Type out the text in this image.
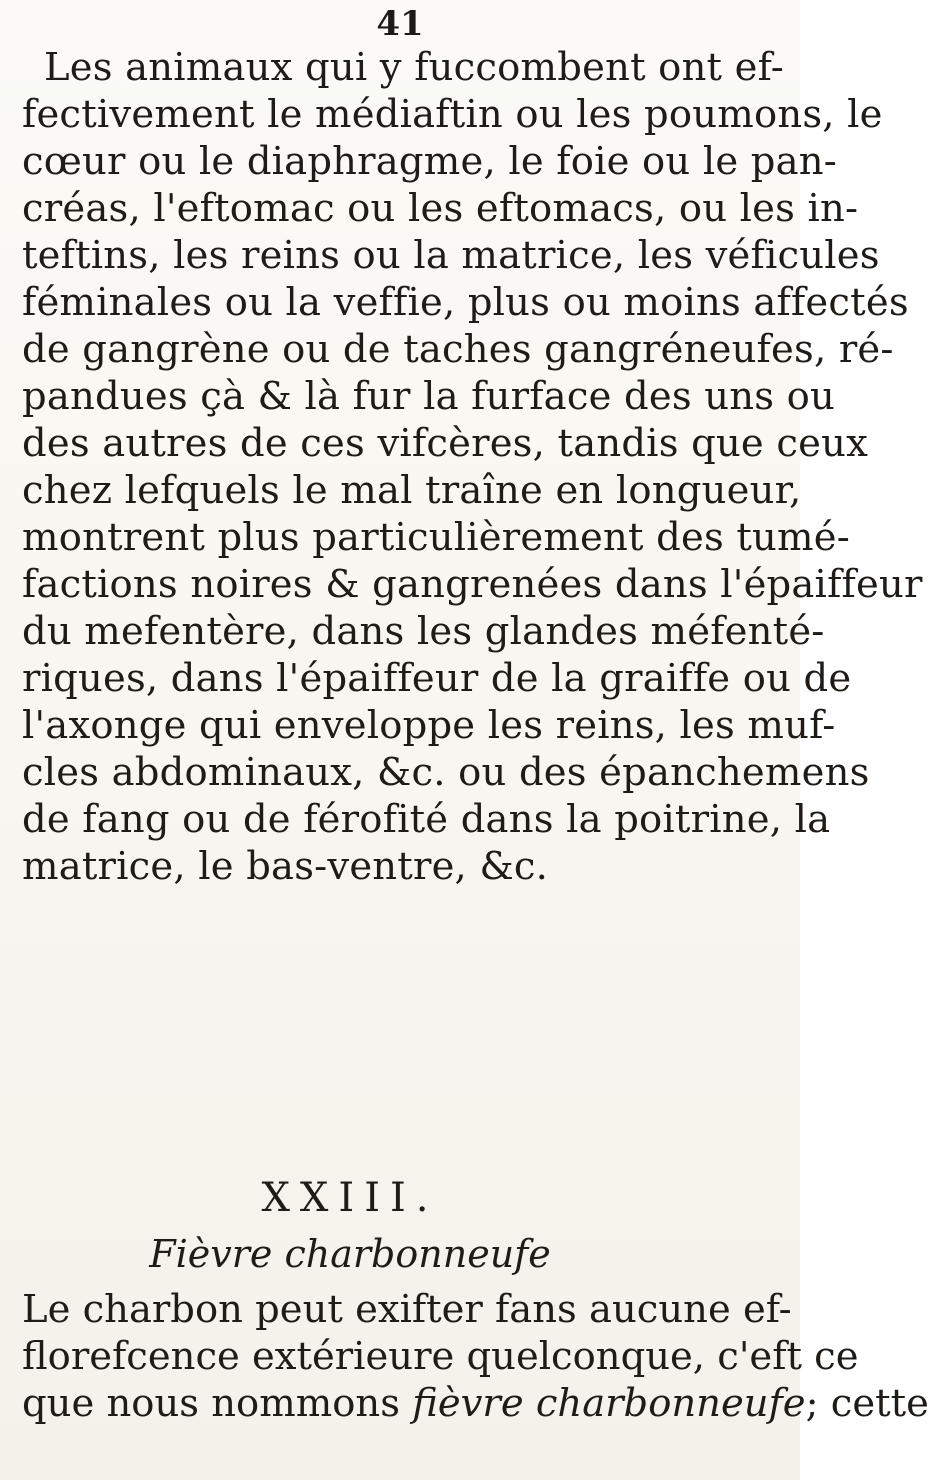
41
Les animaux qui y fuccombent ont ef-
fectivement le médiaftin ou les poumons, le
cœur ou le diaphragme, le foie ou le pan-
créas, l'eftomac ou les eftomacs, ou les in-
teftins, les reins ou la matrice, les véficules
féminales ou la veffie, plus ou moins affectés
de gangrène ou de taches gangréneufes, ré-
pandues çà & là fur la furface des uns ou
des autres de ces vifcères, tandis que ceux
chez lefquels le mal traîne en longueur,
montrent plus particulièrement des tumé-
factions noires & gangrenées dans l'épaiffeur
du mefentère, dans les glandes méfenté-
riques, dans l'épaiffeur de la graiffe ou de
l'axonge qui enveloppe les reins, les muf-
cles abdominaux, &c. ou des épanchemens
de fang ou de férofité dans la poitrine, la
matrice, le bas-ventre, &c.
XXIII.
Fièvre charbonneufe
Le charbon peut exifter fans aucune ef-
florefcence extérieure quelconque, c'eft ce
que nous nommons fièvre charbonneufe; cette
